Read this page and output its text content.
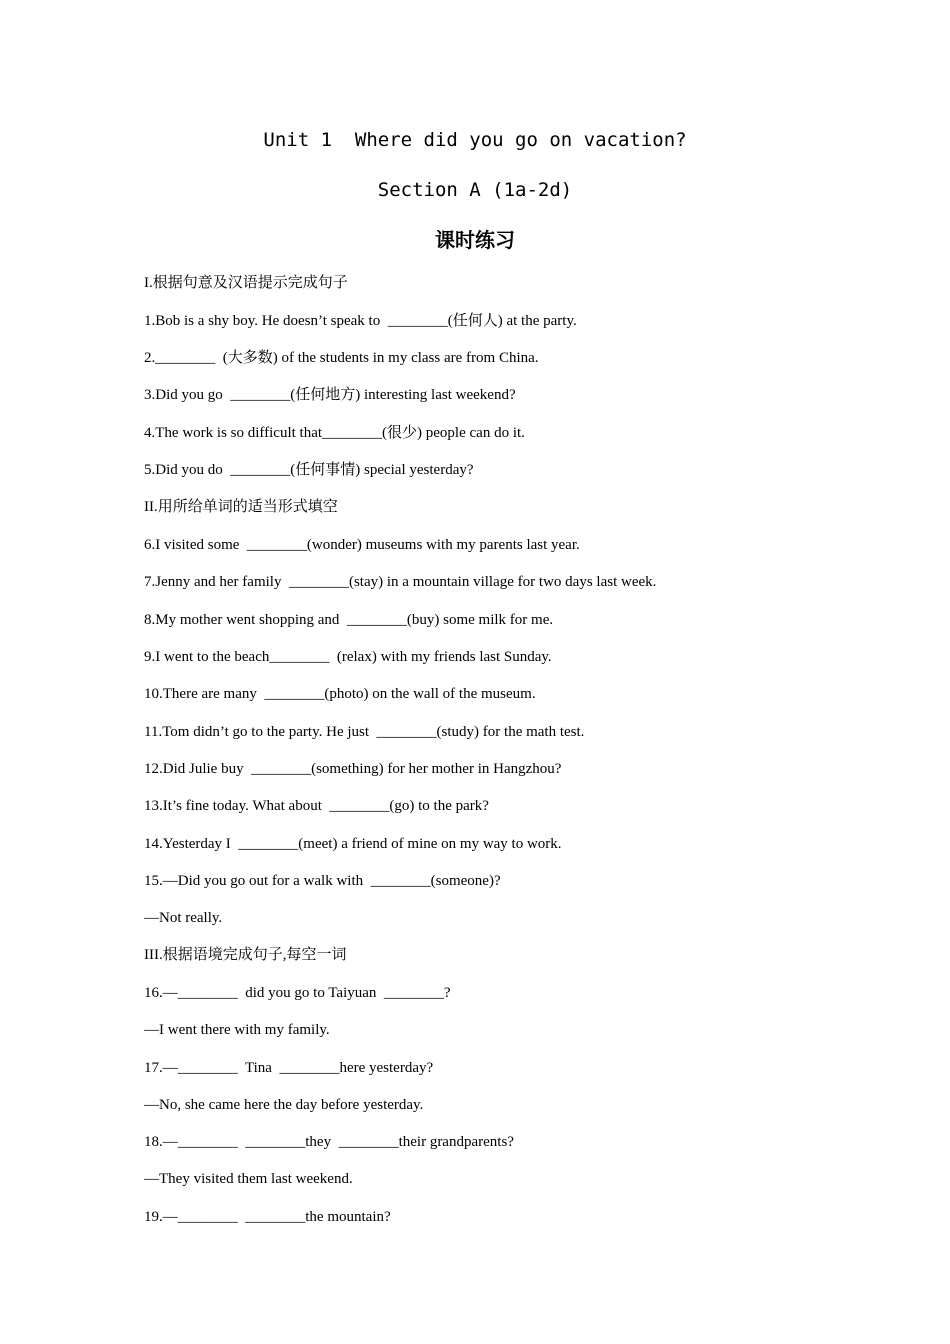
Unit 1  Where did you go on vacation?
Section A (1a-2d)
课时练习
I.根据句意及汉语提示完成句子
1.Bob is a shy boy. He doesn’t speak to  ________(任何人) at the party.
2.________  (大多数) of the students in my class are from China.
3.Did you go  ________(任何地方) interesting last weekend?
4.The work is so difficult that________(很少) people can do it.
5.Did you do  ________(任何事情) special yesterday?
II.用所给单词的适当形式填空
6.I visited some  ________(wonder) museums with my parents last year.
7.Jenny and her family  ________(stay) in a mountain village for two days last week.
8.My mother went shopping and  ________(buy) some milk for me.
9.I went to the beach________  (relax) with my friends last Sunday.
10.There are many  ________(photo) on the wall of the museum.
11.Tom didn’t go to the party. He just  ________(study) for the math test.
12.Did Julie buy  ________(something) for her mother in Hangzhou?
13.It’s fine today. What about  ________(go) to the park?
14.Yesterday I  ________(meet) a friend of mine on my way to work.
15.—Did you go out for a walk with  ________(someone)?
—Not really.
III.根据语境完成句子,每空一词
16.—________  did you go to Taiyuan  ________?
—I went there with my family.
17.—________  Tina  ________here yesterday?
—No, she came here the day before yesterday.
18.—________  ________they  ________their grandparents?
—They visited them last weekend.
19.—________  ________the mountain?
